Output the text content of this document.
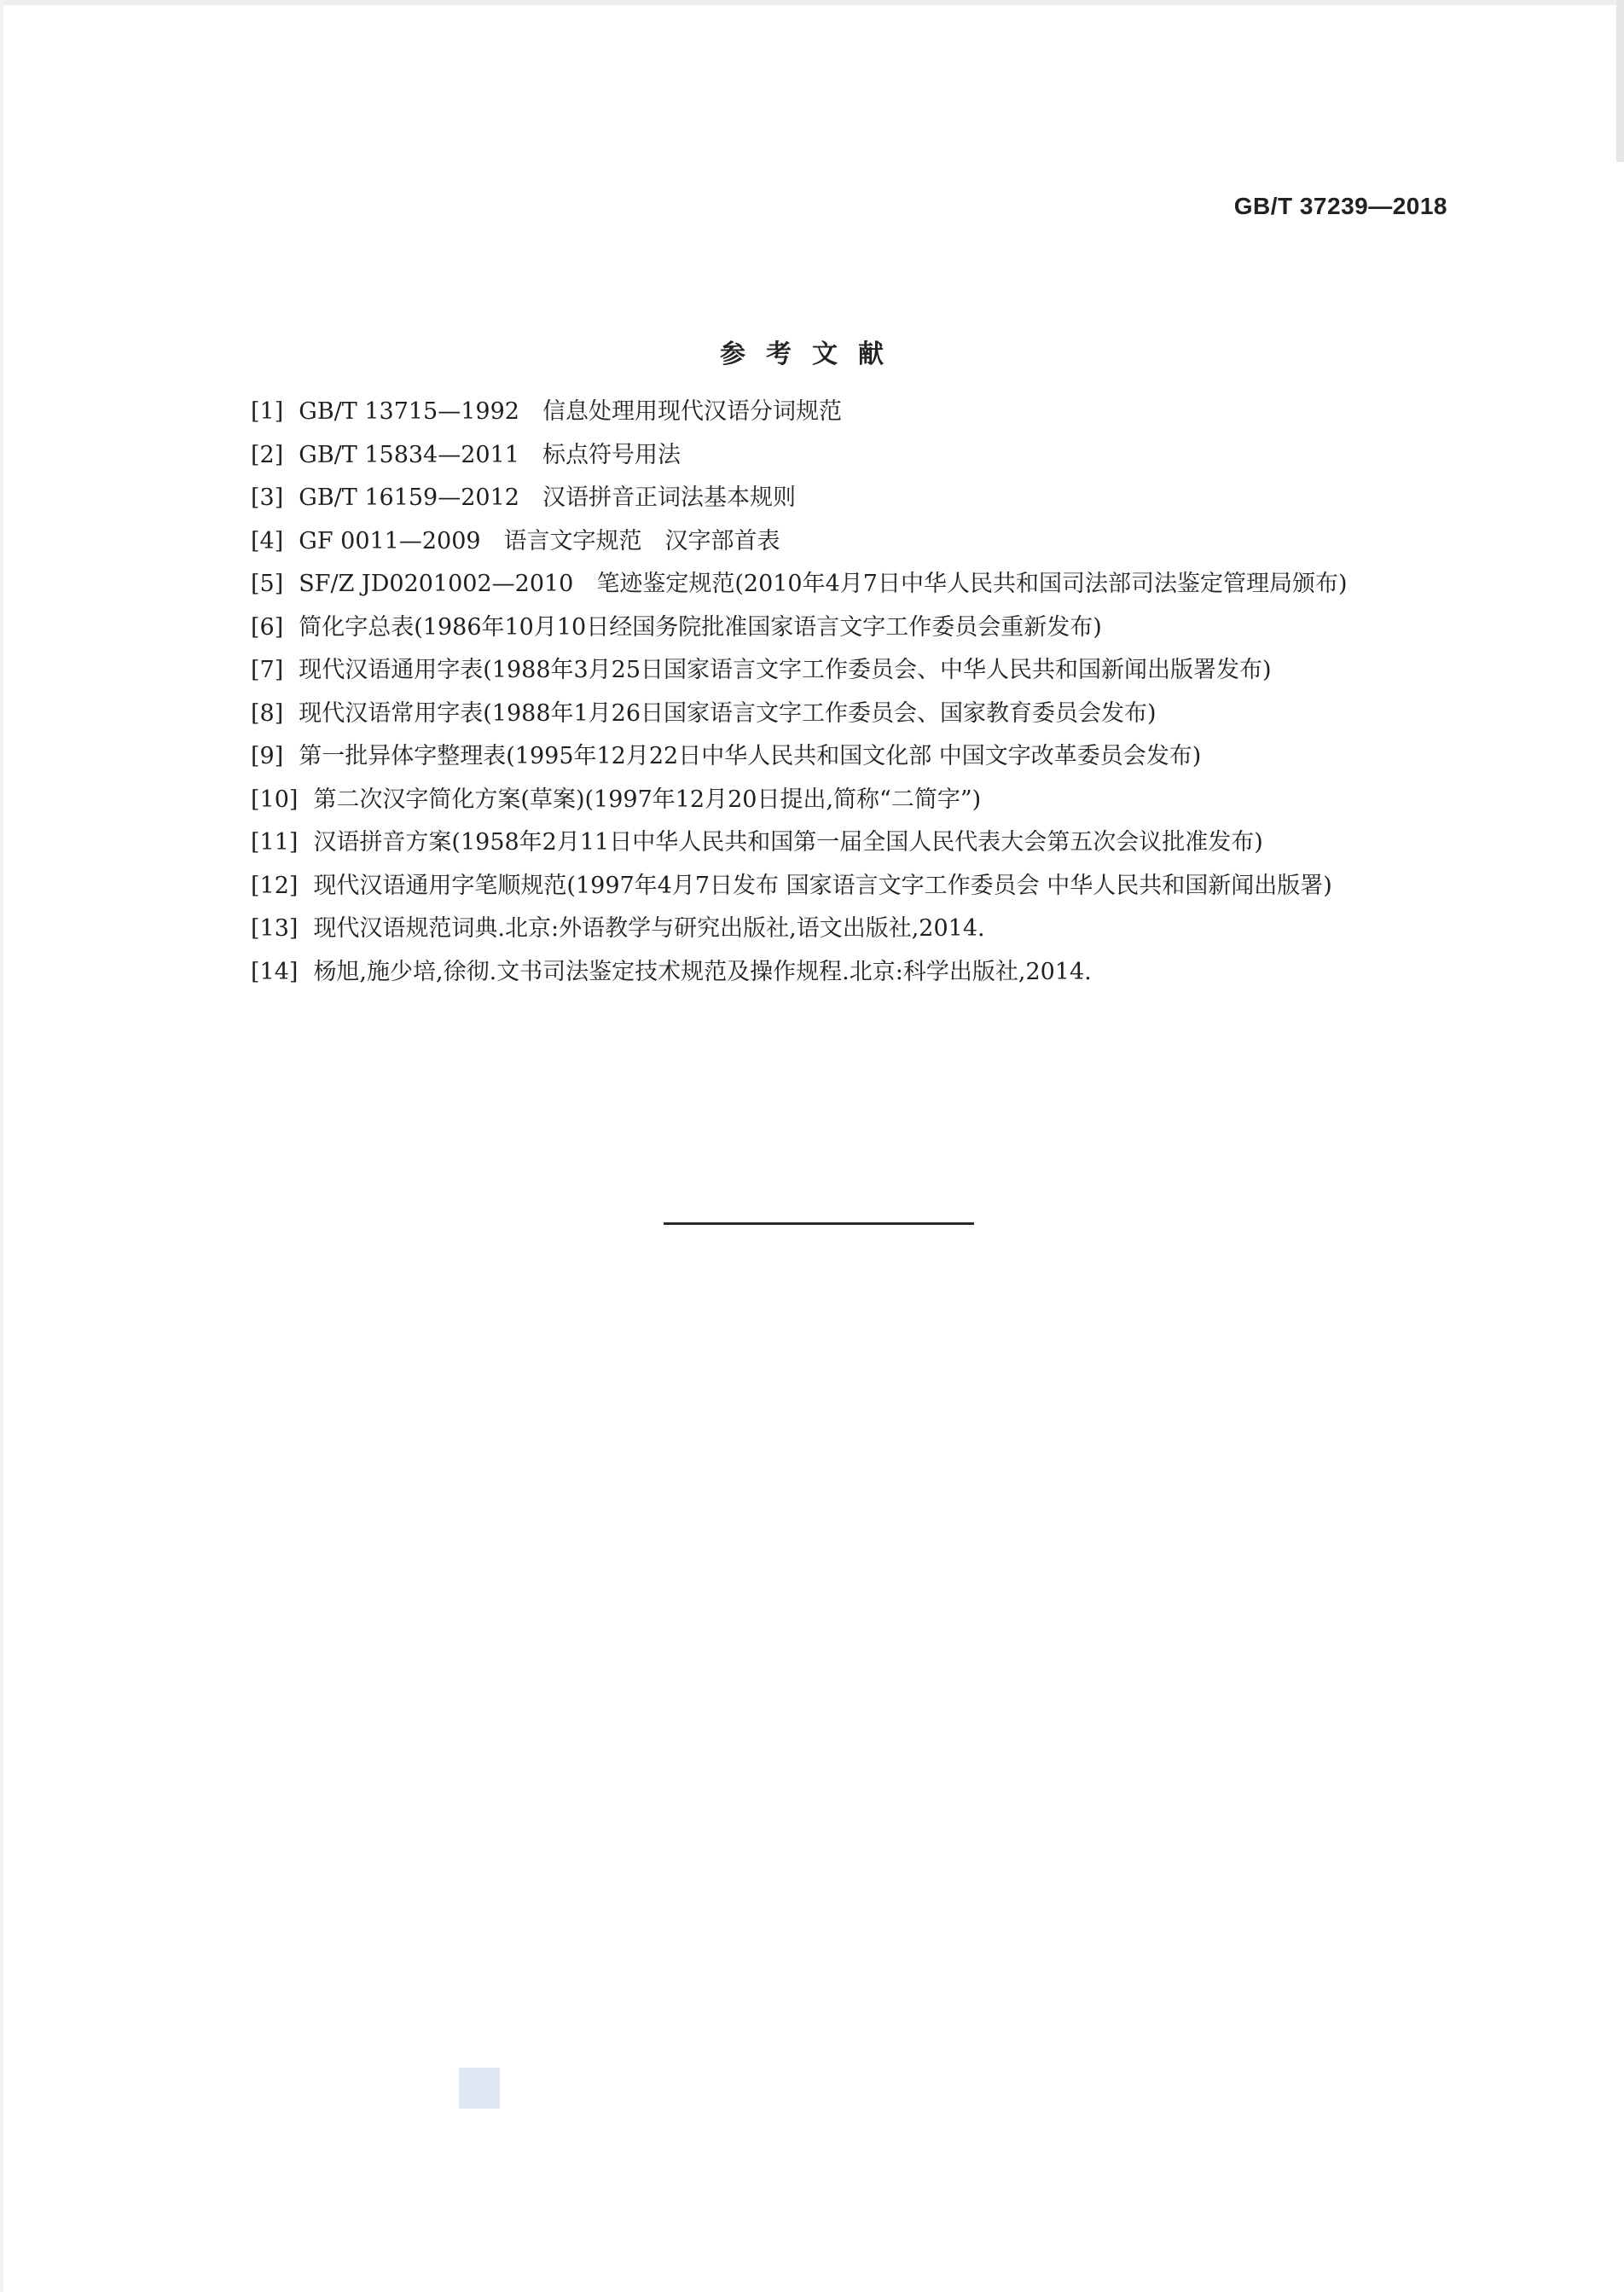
GB/T 37239—2018
参考文献
[1] GB/T 13715—1992　信息处理用现代汉语分词规范
[2] GB/T 15834—2011　标点符号用法
[3] GB/T 16159—2012　汉语拼音正词法基本规则
[4] GF 0011—2009　语言文字规范　汉字部首表
[5] SF/Z JD0201002—2010　笔迹鉴定规范(2010年4月7日中华人民共和国司法部司法鉴定管理局颁布)
[6] 简化字总表(1986年10月10日经国务院批准国家语言文字工作委员会重新发布)
[7] 现代汉语通用字表(1988年3月25日国家语言文字工作委员会、中华人民共和国新闻出版署发布)
[8] 现代汉语常用字表(1988年1月26日国家语言文字工作委员会、国家教育委员会发布)
[9] 第一批异体字整理表(1995年12月22日中华人民共和国文化部 中国文字改革委员会发布)
[10] 第二次汉字简化方案(草案)(1997年12月20日提出,简称“二简字”)
[11] 汉语拼音方案(1958年2月11日中华人民共和国第一届全国人民代表大会第五次会议批准发布)
[12] 现代汉语通用字笔顺规范(1997年4月7日发布 国家语言文字工作委员会 中华人民共和国新闻出版署)
[13] 现代汉语规范词典.北京:外语教学与研究出版社,语文出版社,2014.
[14] 杨旭,施少培,徐彻.文书司法鉴定技术规范及操作规程.北京:科学出版社,2014.
